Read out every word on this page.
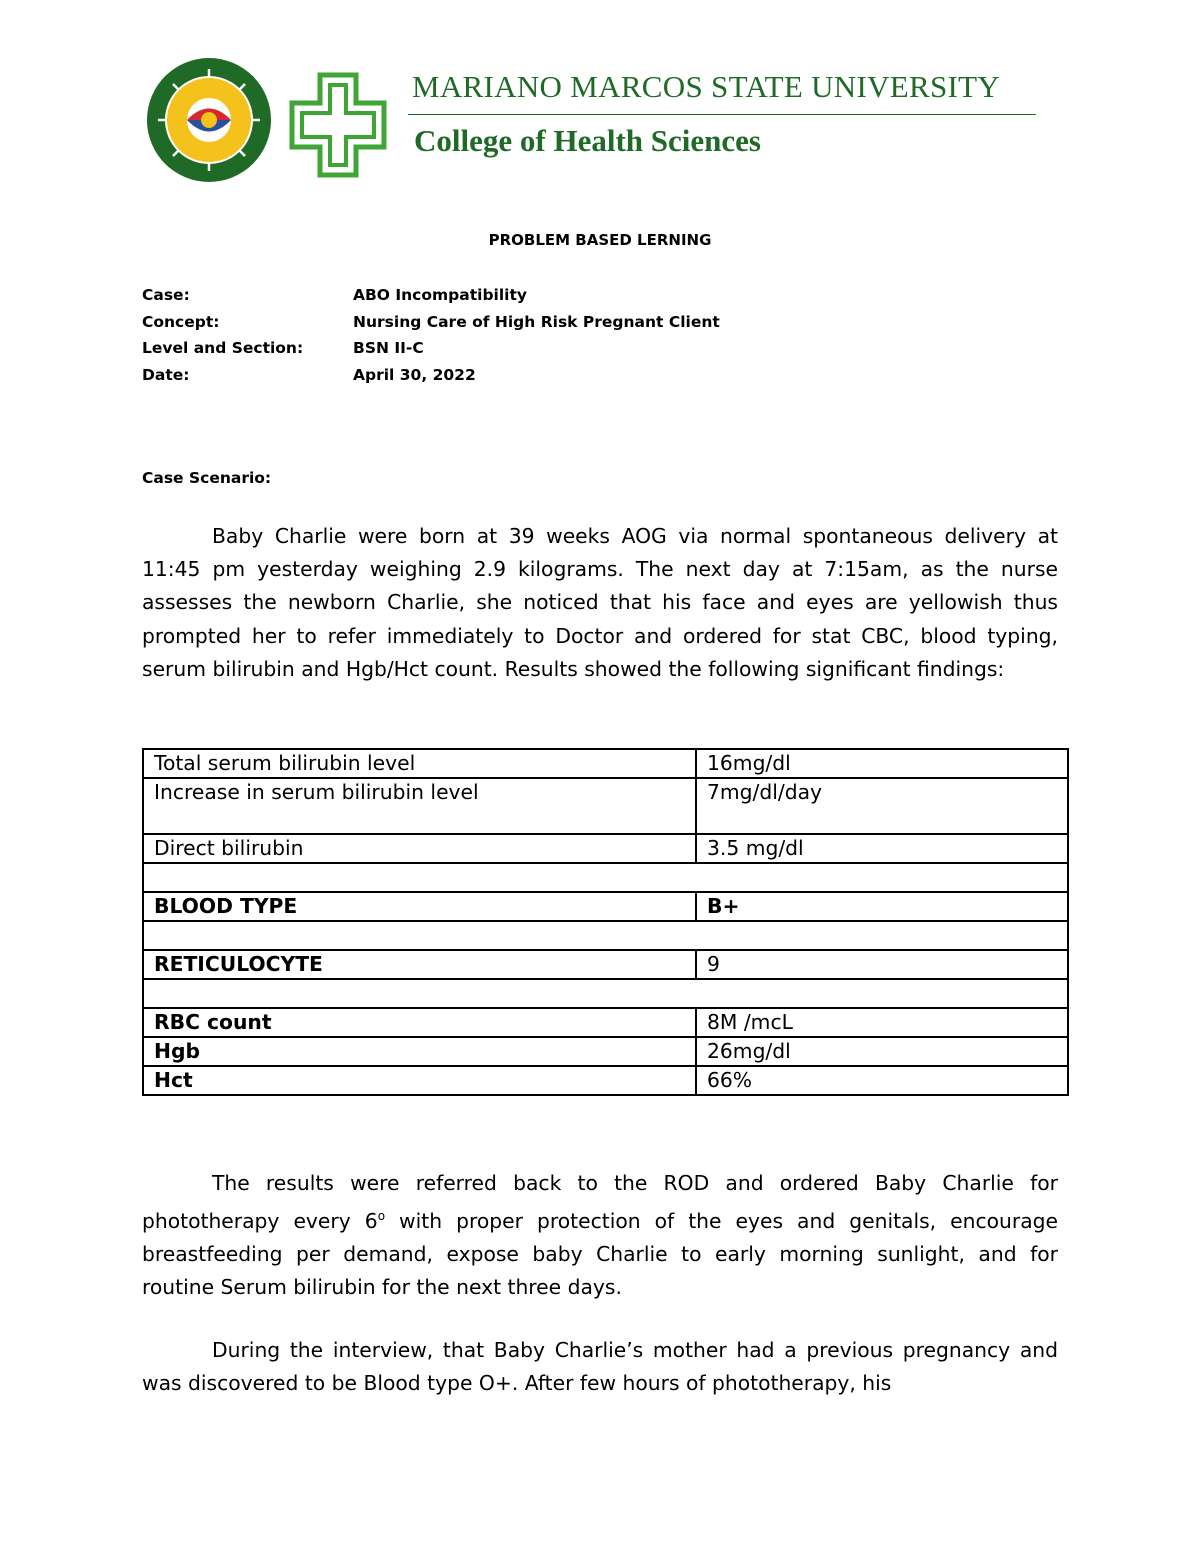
MARIANO MARCOS STATE UNIVERSITY
College of Health Sciences
PROBLEM BASED LERNING
Case:	ABO Incompatibility
Concept:	Nursing Care of High Risk Pregnant Client
Level and Section:	BSN II-C
Date:	April 30, 2022
Case Scenario:
Baby Charlie were born at 39 weeks AOG via normal spontaneous delivery at 11:45 pm yesterday weighing 2.9 kilograms. The next day at 7:15am, as the nurse assesses the newborn Charlie, she noticed that his face and eyes are yellowish thus prompted her to refer immediately to Doctor and ordered for stat CBC, blood typing, serum bilirubin and Hgb/Hct count. Results showed the following significant findings:
Total serum bilirubin level	16mg/dl
Increase in serum bilirubin level	7mg/dl/day
Direct bilirubin	3.5 mg/dl

BLOOD TYPE	B+

RETICULOCYTE	9

RBC count	8M /mcL
Hgb	26mg/dl
Hct	66%
The results were referred back to the ROD and ordered Baby Charlie for phototherapy every 6$^o$ with proper protection of the eyes and genitals, encourage breastfeeding per demand, expose baby Charlie to early morning sunlight, and for routine Serum bilirubin for the next three days.
During the interview, that Baby Charlie’s mother had a previous pregnancy and was discovered to be Blood type O+. After few hours of phototherapy, his
